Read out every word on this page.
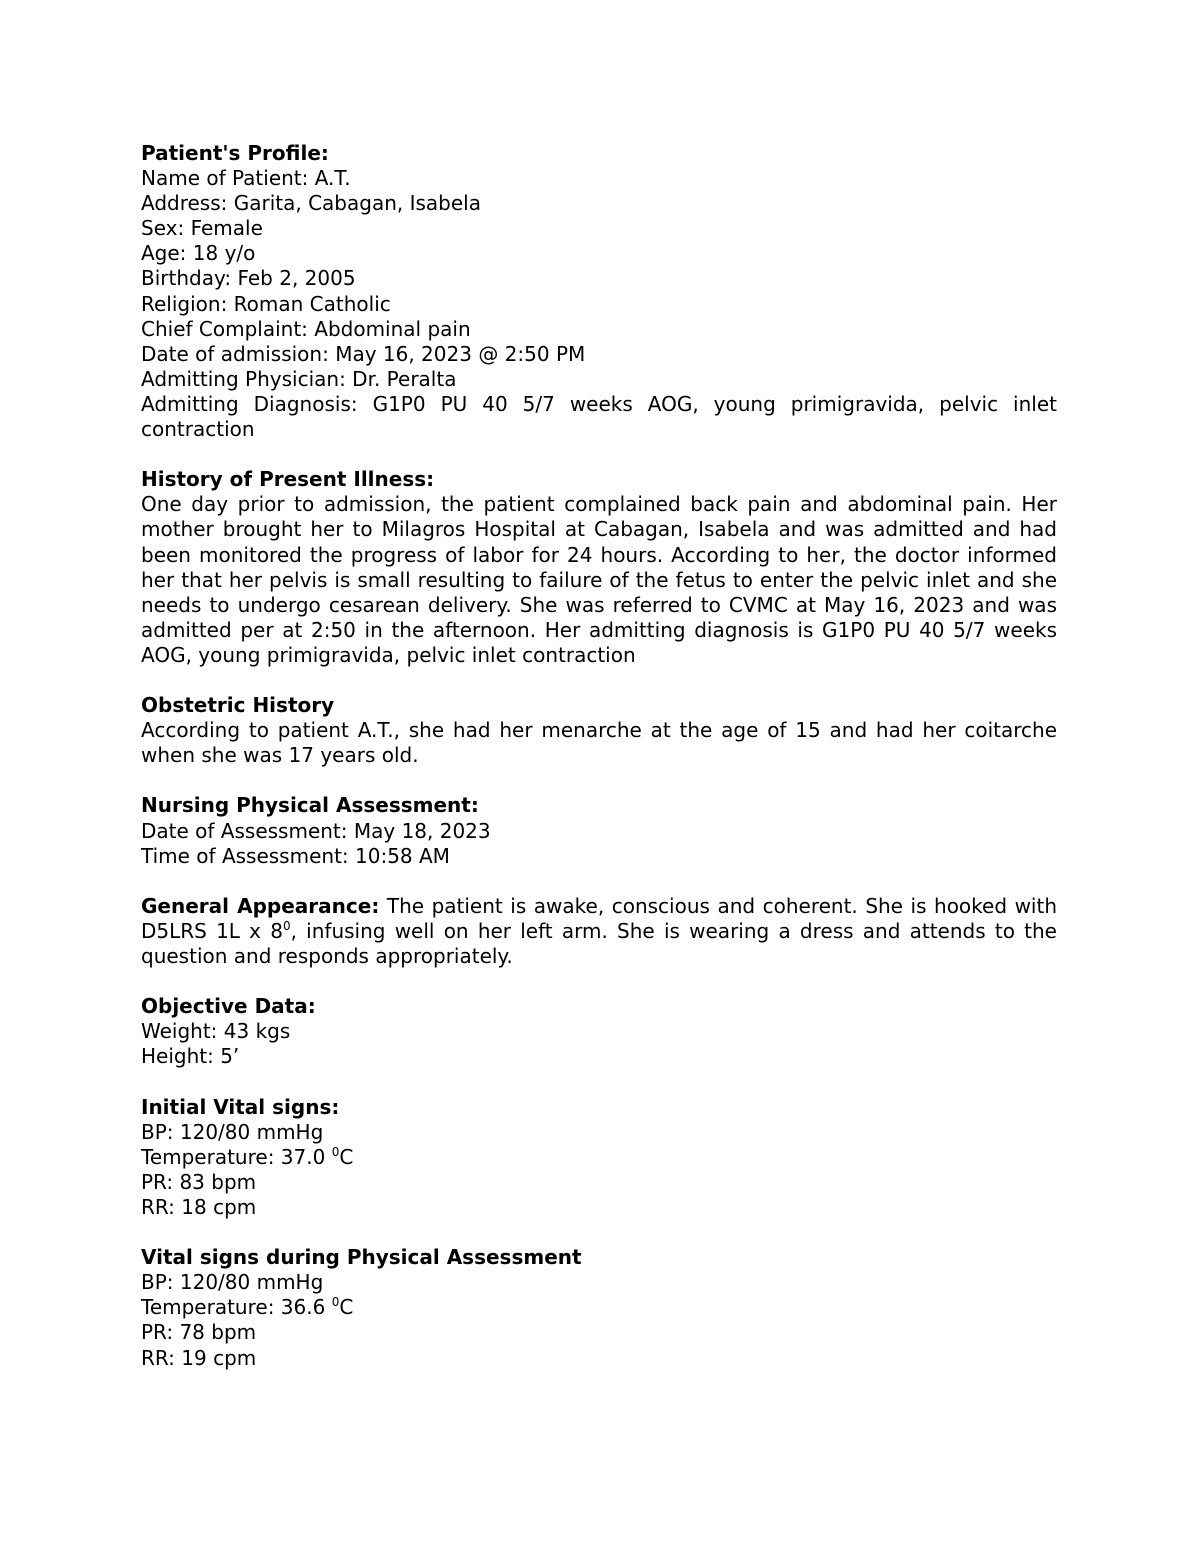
Patient's Profile:
Name of Patient: A.T.
Address: Garita, Cabagan, Isabela
Sex: Female
Age: 18 y/o
Birthday: Feb 2, 2005
Religion: Roman Catholic
Chief Complaint: Abdominal pain
Date of admission: May 16, 2023 @ 2:50 PM
Admitting Physician: Dr. Peralta
Admitting Diagnosis: G1P0 PU 40 5/7 weeks AOG, young primigravida, pelvic inlet contraction
History of Present Illness:
One day prior to admission, the patient complained back pain and abdominal pain. Her mother brought her to Milagros Hospital at Cabagan, Isabela and was admitted and had been monitored the progress of labor for 24 hours. According to her, the doctor informed her that her pelvis is small resulting to failure of the fetus to enter the pelvic inlet and she needs to undergo cesarean delivery. She was referred to CVMC at May 16, 2023 and was admitted per at 2:50 in the afternoon. Her admitting diagnosis is G1P0 PU 40 5/7 weeks AOG, young primigravida, pelvic inlet contraction
Obstetric History
According to patient A.T., she had her menarche at the age of 15 and had her coitarche when she was 17 years old.
Nursing Physical Assessment:
Date of Assessment: May 18, 2023
Time of Assessment: 10:58 AM
General Appearance: The patient is awake, conscious and coherent. She is hooked with D5LRS 1L x $8^0$, infusing well on her left arm. She is wearing a dress and attends to the question and responds appropriately.
Objective Data:
Weight: 43 kgs
Height: 5’
Initial Vital signs:
BP: 120/80 mmHg
Temperature: 37.0 $^0$C
PR: 83 bpm
RR: 18 cpm
Vital signs during Physical Assessment
BP: 120/80 mmHg
Temperature: 36.6 $^0$C
PR: 78 bpm
RR: 19 cpm
